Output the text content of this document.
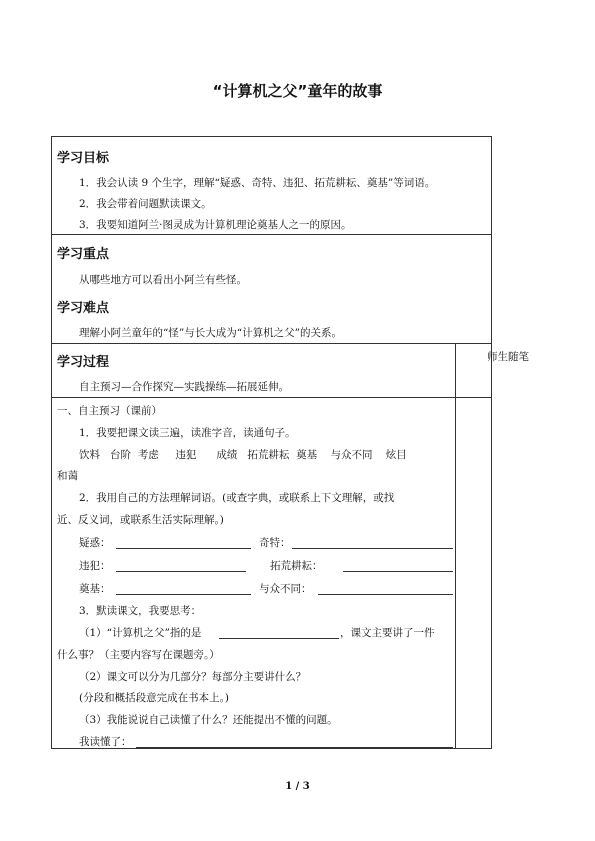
“计算机之父”童年的故事
学习目标
1．我会认读 9 个生字，理解“疑惑、奇特、违犯、拓荒耕耘、奠基”等词语。
2．我会带着问题默读课文。
3．我要知道阿兰·图灵成为计算机理论奠基人之一的原因。
学习重点
从哪些地方可以看出小阿兰有些怪。
学习难点
理解小阿兰童年的“怪”与长大成为“计算机之父”的关系。
学习过程	师生随笔
自主预习—合作探究—实践操练—拓展延伸。
一、自主预习（课前）
1．我要把课文读三遍，读准字音，读通句子。
饮料   台阶  考虑     违犯      成绩   拓荒耕耘  奠基    与众不同    炫目
和蔼
2．我用自己的方法理解词语。(或查字典，或联系上下文理解，或找
近、反义词，或联系生活实际理解。)
疑惑：	奇特：
违犯：	拓荒耕耘：
奠基：	与众不同：
3．默读课文，我要思考：
（1）“计算机之父”指的是	，课文主要讲了一件
什么事？（主要内容写在课题旁。）
（2）课文可以分为几部分？每部分主要讲什么？
(分段和概括段意完成在书本上。)
（3）我能说说自己读懂了什么？还能提出不懂的问题。
我读懂了：
1 / 3
